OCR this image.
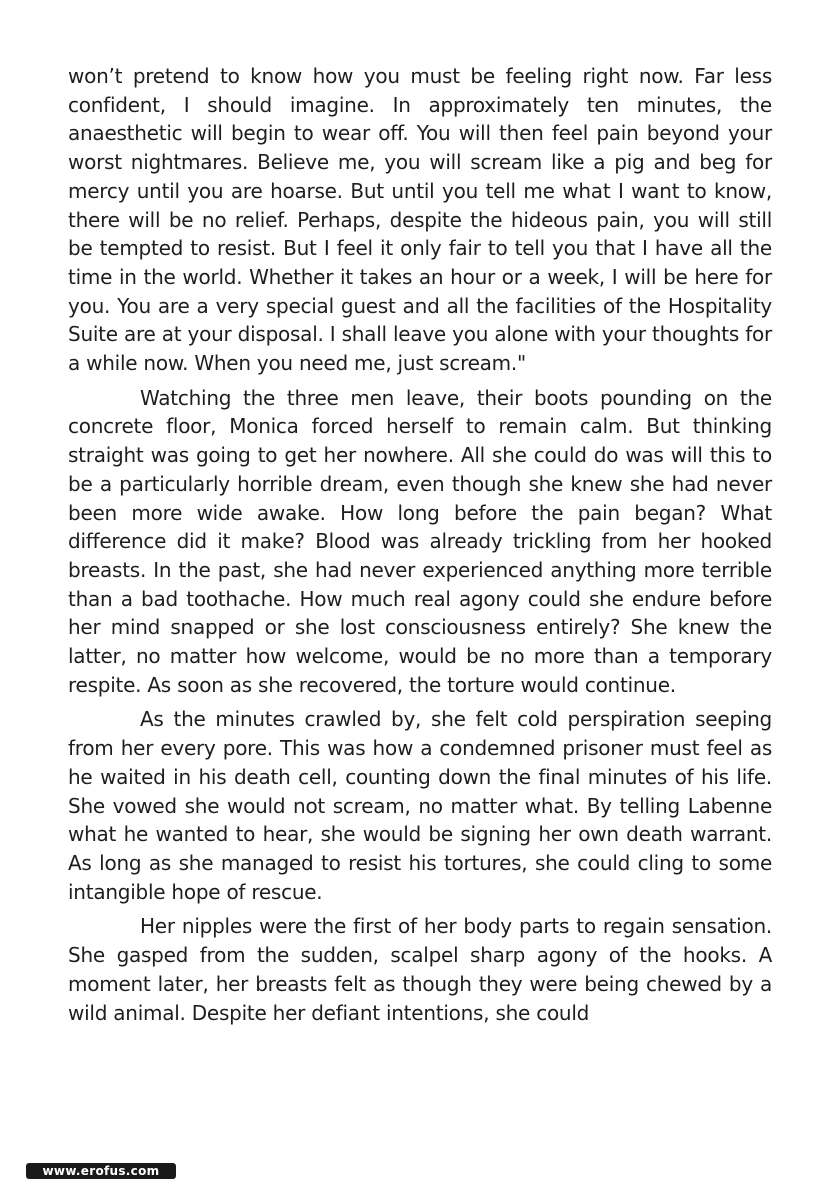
won’t pretend to know how you must be feeling right now. Far less confident, I should imagine. In approximately ten minutes, the anaesthetic will begin to wear off. You will then feel pain beyond your worst nightmares. Believe me, you will scream like a pig and beg for mercy until you are hoarse. But until you tell me what I want to know, there will be no relief. Perhaps, despite the hideous pain, you will still be tempted to resist. But I feel it only fair to tell you that I have all the time in the world. Whether it takes an hour or a week, I will be here for you. You are a very special guest and all the facilities of the Hospitality Suite are at your disposal. I shall leave you alone with your thoughts for a while now. When you need me, just scream."

Watching the three men leave, their boots pounding on the concrete floor, Monica forced herself to remain calm. But thinking straight was going to get her nowhere. All she could do was will this to be a particularly horrible dream, even though she knew she had never been more wide awake. How long before the pain began? What difference did it make? Blood was already trickling from her hooked breasts. In the past, she had never experienced anything more terrible than a bad toothache. How much real agony could she endure before her mind snapped or she lost consciousness entirely? She knew the latter, no matter how welcome, would be no more than a temporary respite. As soon as she recovered, the torture would continue.

As the minutes crawled by, she felt cold perspiration seeping from her every pore. This was how a condemned prisoner must feel as he waited in his death cell, counting down the final minutes of his life. She vowed she would not scream, no matter what. By telling Labenne what he wanted to hear, she would be signing her own death warrant. As long as she managed to resist his tortures, she could cling to some intangible hope of rescue.

Her nipples were the first of her body parts to regain sensation. She gasped from the sudden, scalpel sharp agony of the hooks. A moment later, her breasts felt as though they were being chewed by a wild animal. Despite her defiant intentions, she could

www.erofus.com
